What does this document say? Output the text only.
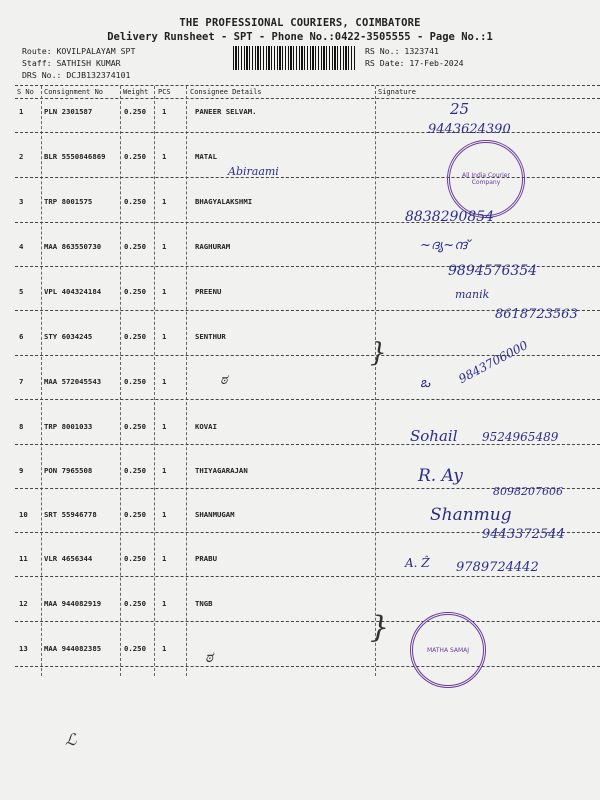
THE PROFESSIONAL COURIERS, COIMBATORE
Delivery Runsheet - SPT - Phone No.:0422-3505555 - Page No.:1
Route: KOVILPALAYAM SPT
Staff: SATHISH KUMAR
DRS No.: DCJB132374101
RS No.: 1323741
RS Date: 17-Feb-2024
S No Consignment No	Weight PCS	Consignee Details	Signature
1	PLN 2301587	0.250 1	PANEER SELVAM.
2	BLR 5550846869	0.250 1	MATAL
3	TRP 8001575	0.250 1	BHAGYALAKSHMI
4	MAA 863550730	0.250 1	RAGHURAM
5	VPL 404324184	0.250 1	PREENU
6	STY 6034245	0.250 1	SENTHUR
7	MAA 572045543	0.250 1
8	TRP 8001033	0.250 1	KOVAI
9	PON 7965508	0.250 1	THIYAGARAJAN
10 SRT 55946778	0.250 1	SHANMUGAM
11 VLR 4656344	0.250 1	PRABU
12 MAA 944082919	0.250 1	TNGB
13 MAA 944082385	0.250 1
25
9443624390
All India Courier Company
Abiraami
8838290854
~ദ്യ~ന്ദ്
9894576354
manik
8618723563
9843706000
ఒ
ಠ
}
Sohail 9524965489
R. Ay
8098207606
Shanmug
9443372544
A. Ẑ 9789724442
MATHA SAMAJ
}
ಠ
ℒ
